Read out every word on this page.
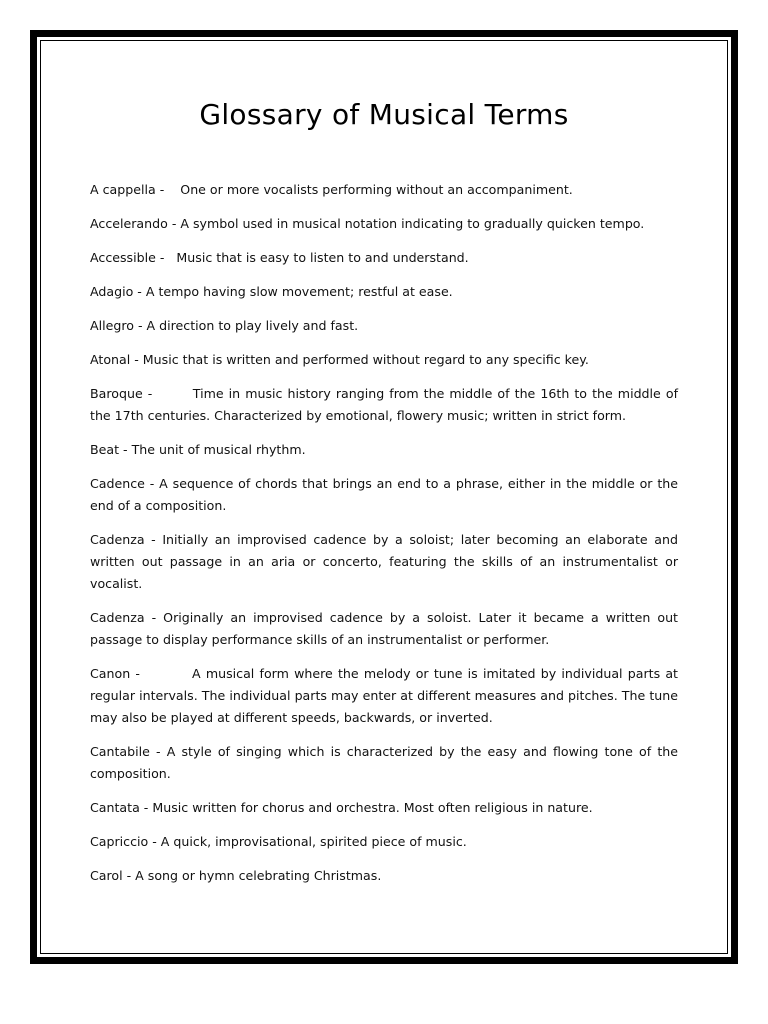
Glossary of Musical Terms

A cappella -    One or more vocalists performing without an accompaniment.

Accelerando - A symbol used in musical notation indicating to gradually quicken tempo.

Accessible -   Music that is easy to listen to and understand.

Adagio - A tempo having slow movement; restful at ease.

Allegro - A direction to play lively and fast.

Atonal - Music that is written and performed without regard to any specific key.

Baroque -        Time in music history ranging from the middle of the 16th to the middle of the 17th centuries. Characterized by emotional, flowery music; written in strict form.

Beat - The unit of musical rhythm.

Cadence - A sequence of chords that brings an end to a phrase, either in the middle or the end of a composition.

Cadenza - Initially an improvised cadence by a soloist; later becoming an elaborate and written out passage in an aria or concerto, featuring the skills of an instrumentalist or vocalist.

Cadenza - Originally an improvised cadence by a soloist. Later it became a written out passage to display performance skills of an instrumentalist or performer.

Canon -          A musical form where the melody or tune is imitated by individual parts at regular intervals. The individual parts may enter at different measures and pitches. The tune may also be played at different speeds, backwards, or inverted.

Cantabile - A style of singing which is characterized by the easy and flowing tone of the composition.

Cantata - Music written for chorus and orchestra. Most often religious in nature.

Capriccio - A quick, improvisational, spirited piece of music.

Carol - A song or hymn celebrating Christmas.
